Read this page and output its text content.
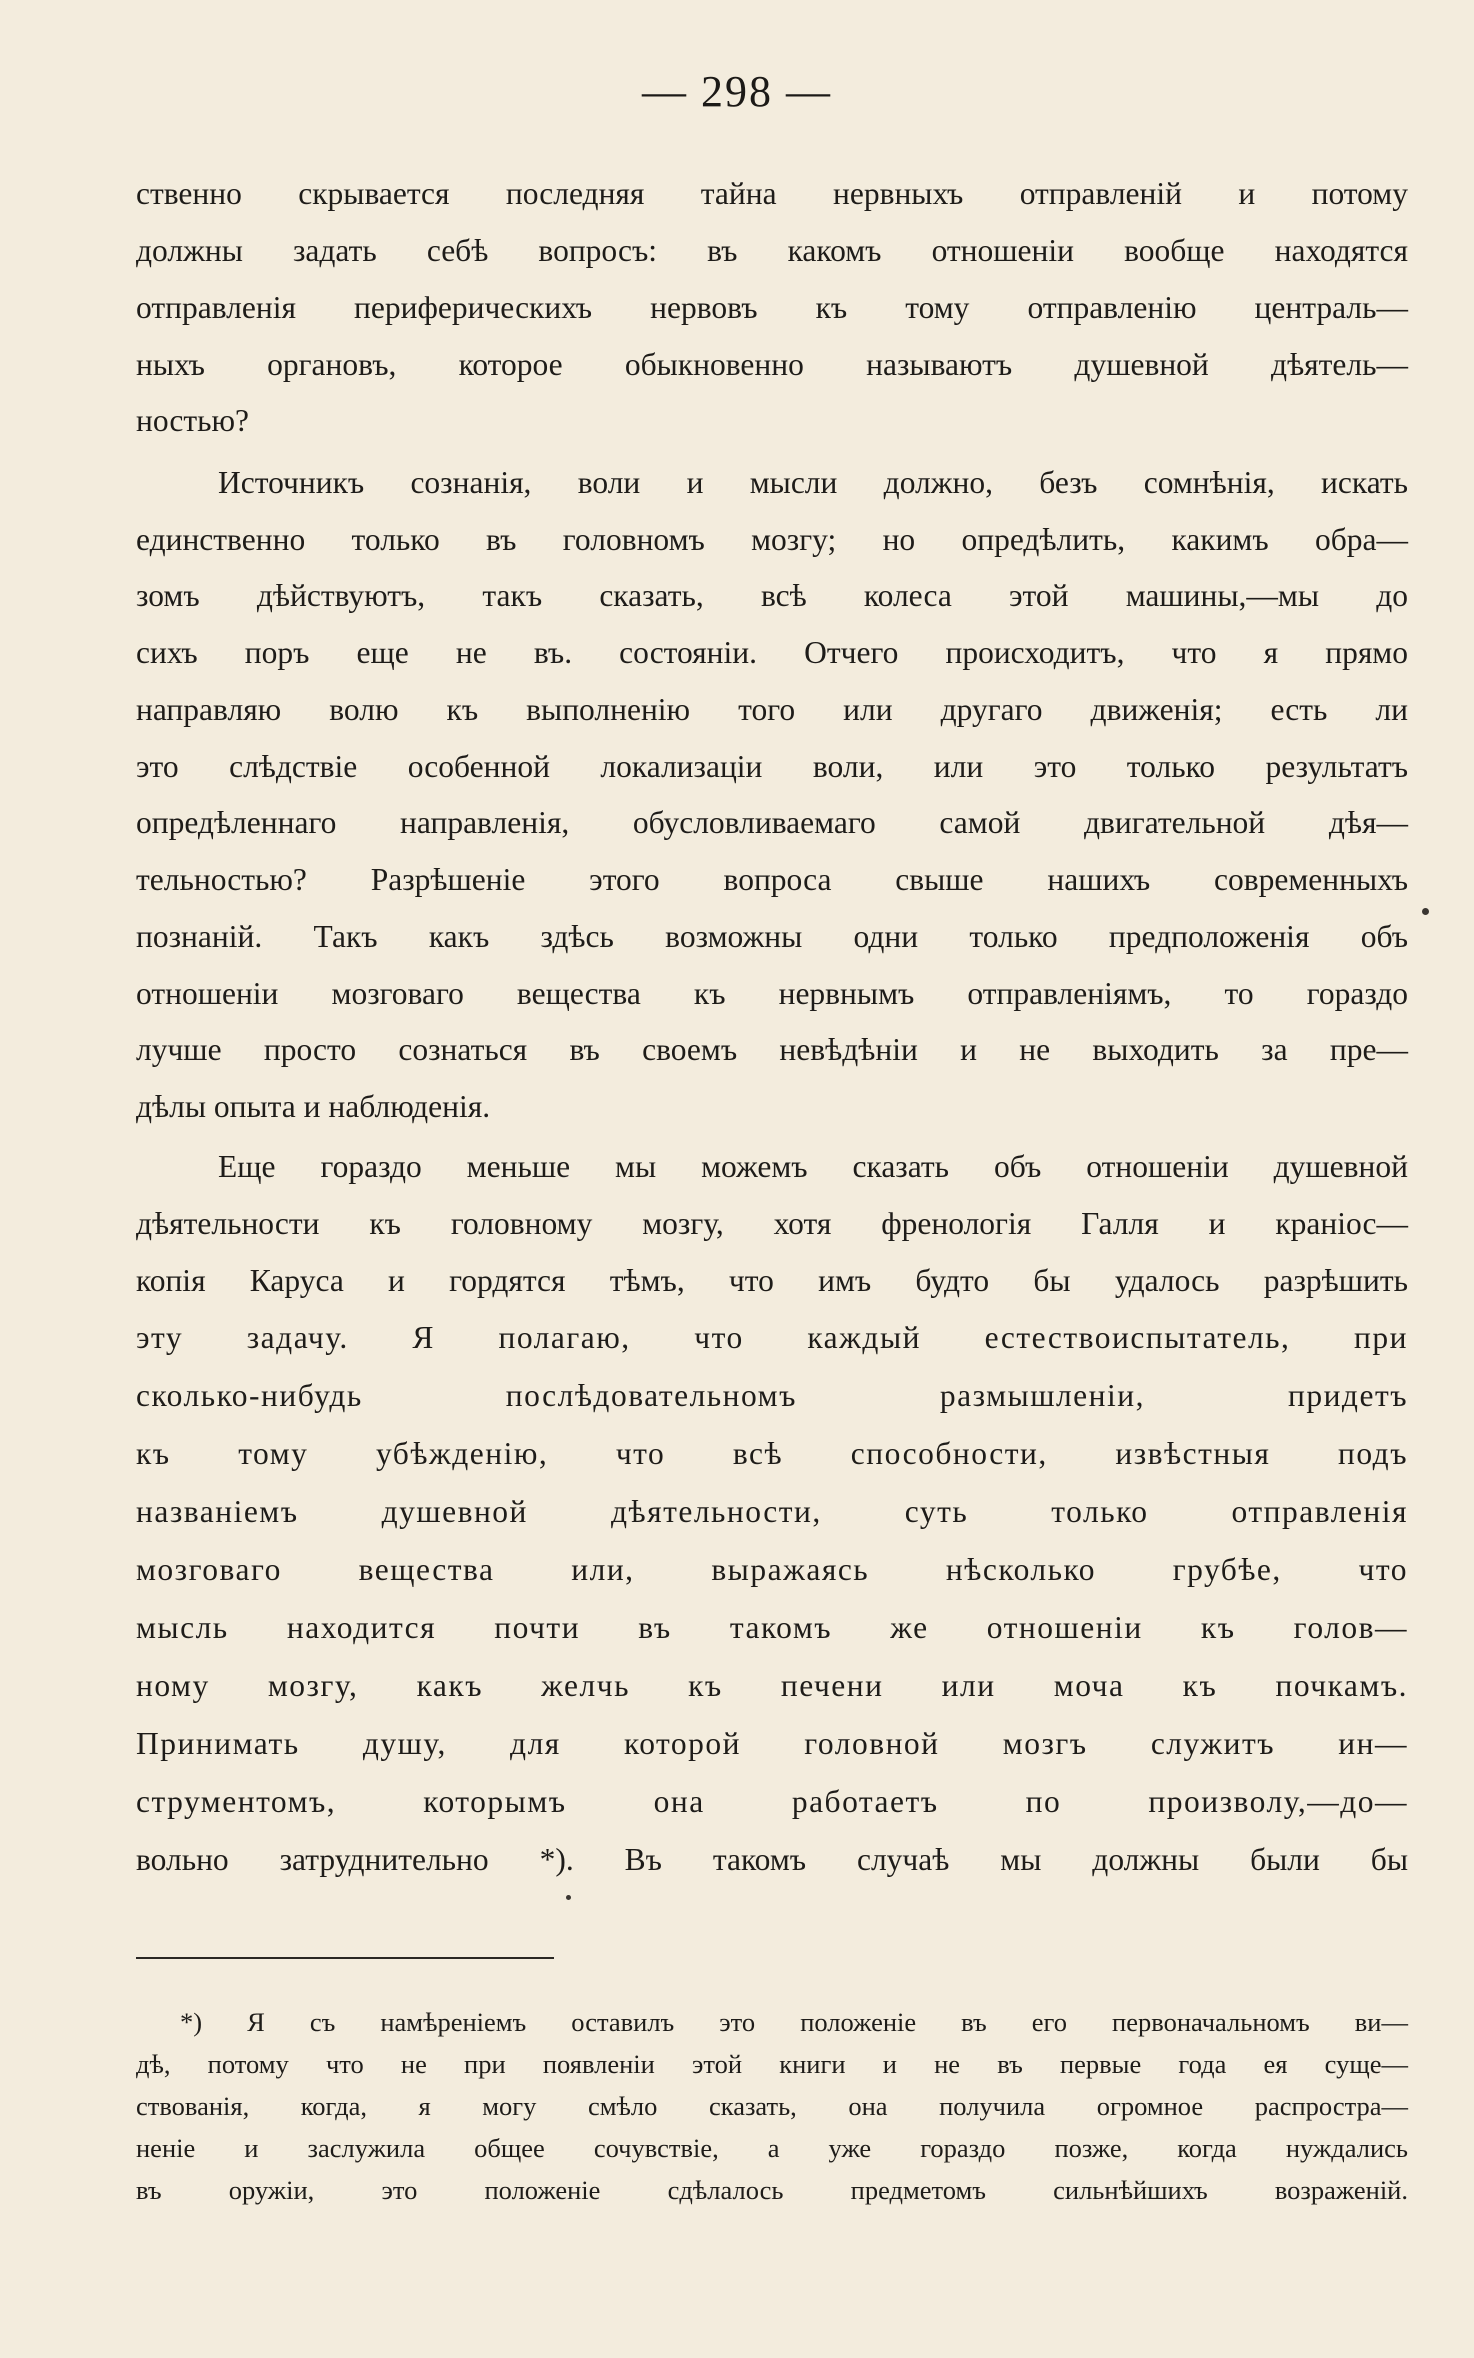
— 298 —
ственно скрывается последняя тайна нервныхъ отправленій и потому
должны задать себѣ вопросъ: въ какомъ отношеніи вообще находятся
отправленія периферическихъ нервовъ къ тому отправленію централь—
ныхъ органовъ, которое обыкновенно называютъ душевной дѣятель—
ностью?
Источникъ сознанія, воли и мысли должно, безъ сомнѣнія, искать
единственно только въ головномъ мозгу; но опредѣлить, какимъ обра—
зомъ дѣйствуютъ, такъ сказать, всѣ колеса этой машины,—мы до
сихъ поръ еще не въ. состояніи. Отчего происходитъ, что я прямо
направляю волю къ выполненію того или другаго движенія; есть ли
это слѣдствіе особенной локализаціи воли, или это только результатъ
опредѣленнаго направленія, обусловливаемаго самой двигательной дѣя—
тельностью? Разрѣшеніе этого вопроса свыше нашихъ современныхъ
познаній. Такъ какъ здѣсь возможны одни только предположенія объ
отношеніи мозговаго вещества къ нервнымъ отправленіямъ, то гораздо
лучше просто сознаться въ своемъ невѣдѣніи и не выходить за пре—
дѣлы опыта и наблюденія.
Еще гораздо меньше мы можемъ сказать объ отношеніи душевной
дѣятельности къ головному мозгу, хотя френологія Галля и краніос—
копія Каруса и гордятся тѣмъ, что имъ будто бы удалось разрѣшить
эту задачу. Я полагаю, что каждый естествоиспытатель, при
сколько-нибудь послѣдовательномъ размышленіи, придетъ
къ тому убѣжденію, что всѣ способности, извѣстныя подъ
названіемъ душевной дѣятельности, суть только отправленія
мозговаго вещества или, выражаясь нѣсколько грубѣе, что
мысль находится почти въ такомъ же отношеніи къ голов—
ному мозгу, какъ желчь къ печени или моча къ почкамъ.
Принимать душу, для которой головной мозгъ служитъ ин—
струментомъ, которымъ она работаетъ по произволу,—до—
вольно затруднительно *). Въ такомъ случаѣ мы должны были бы
*) Я съ намѣреніемъ оставилъ это положеніе въ его первоначальномъ ви—
дѣ, потому что не при появленіи этой книги и не въ первые года ея суще—
ствованія, когда, я могу смѣло сказать, она получила огромное распростра—
неніе и заслужила общее сочувствіе, а уже гораздо позже, когда нуждались
въ оружіи, это положеніе сдѣлалось предметомъ сильнѣйшихъ возраженій.
